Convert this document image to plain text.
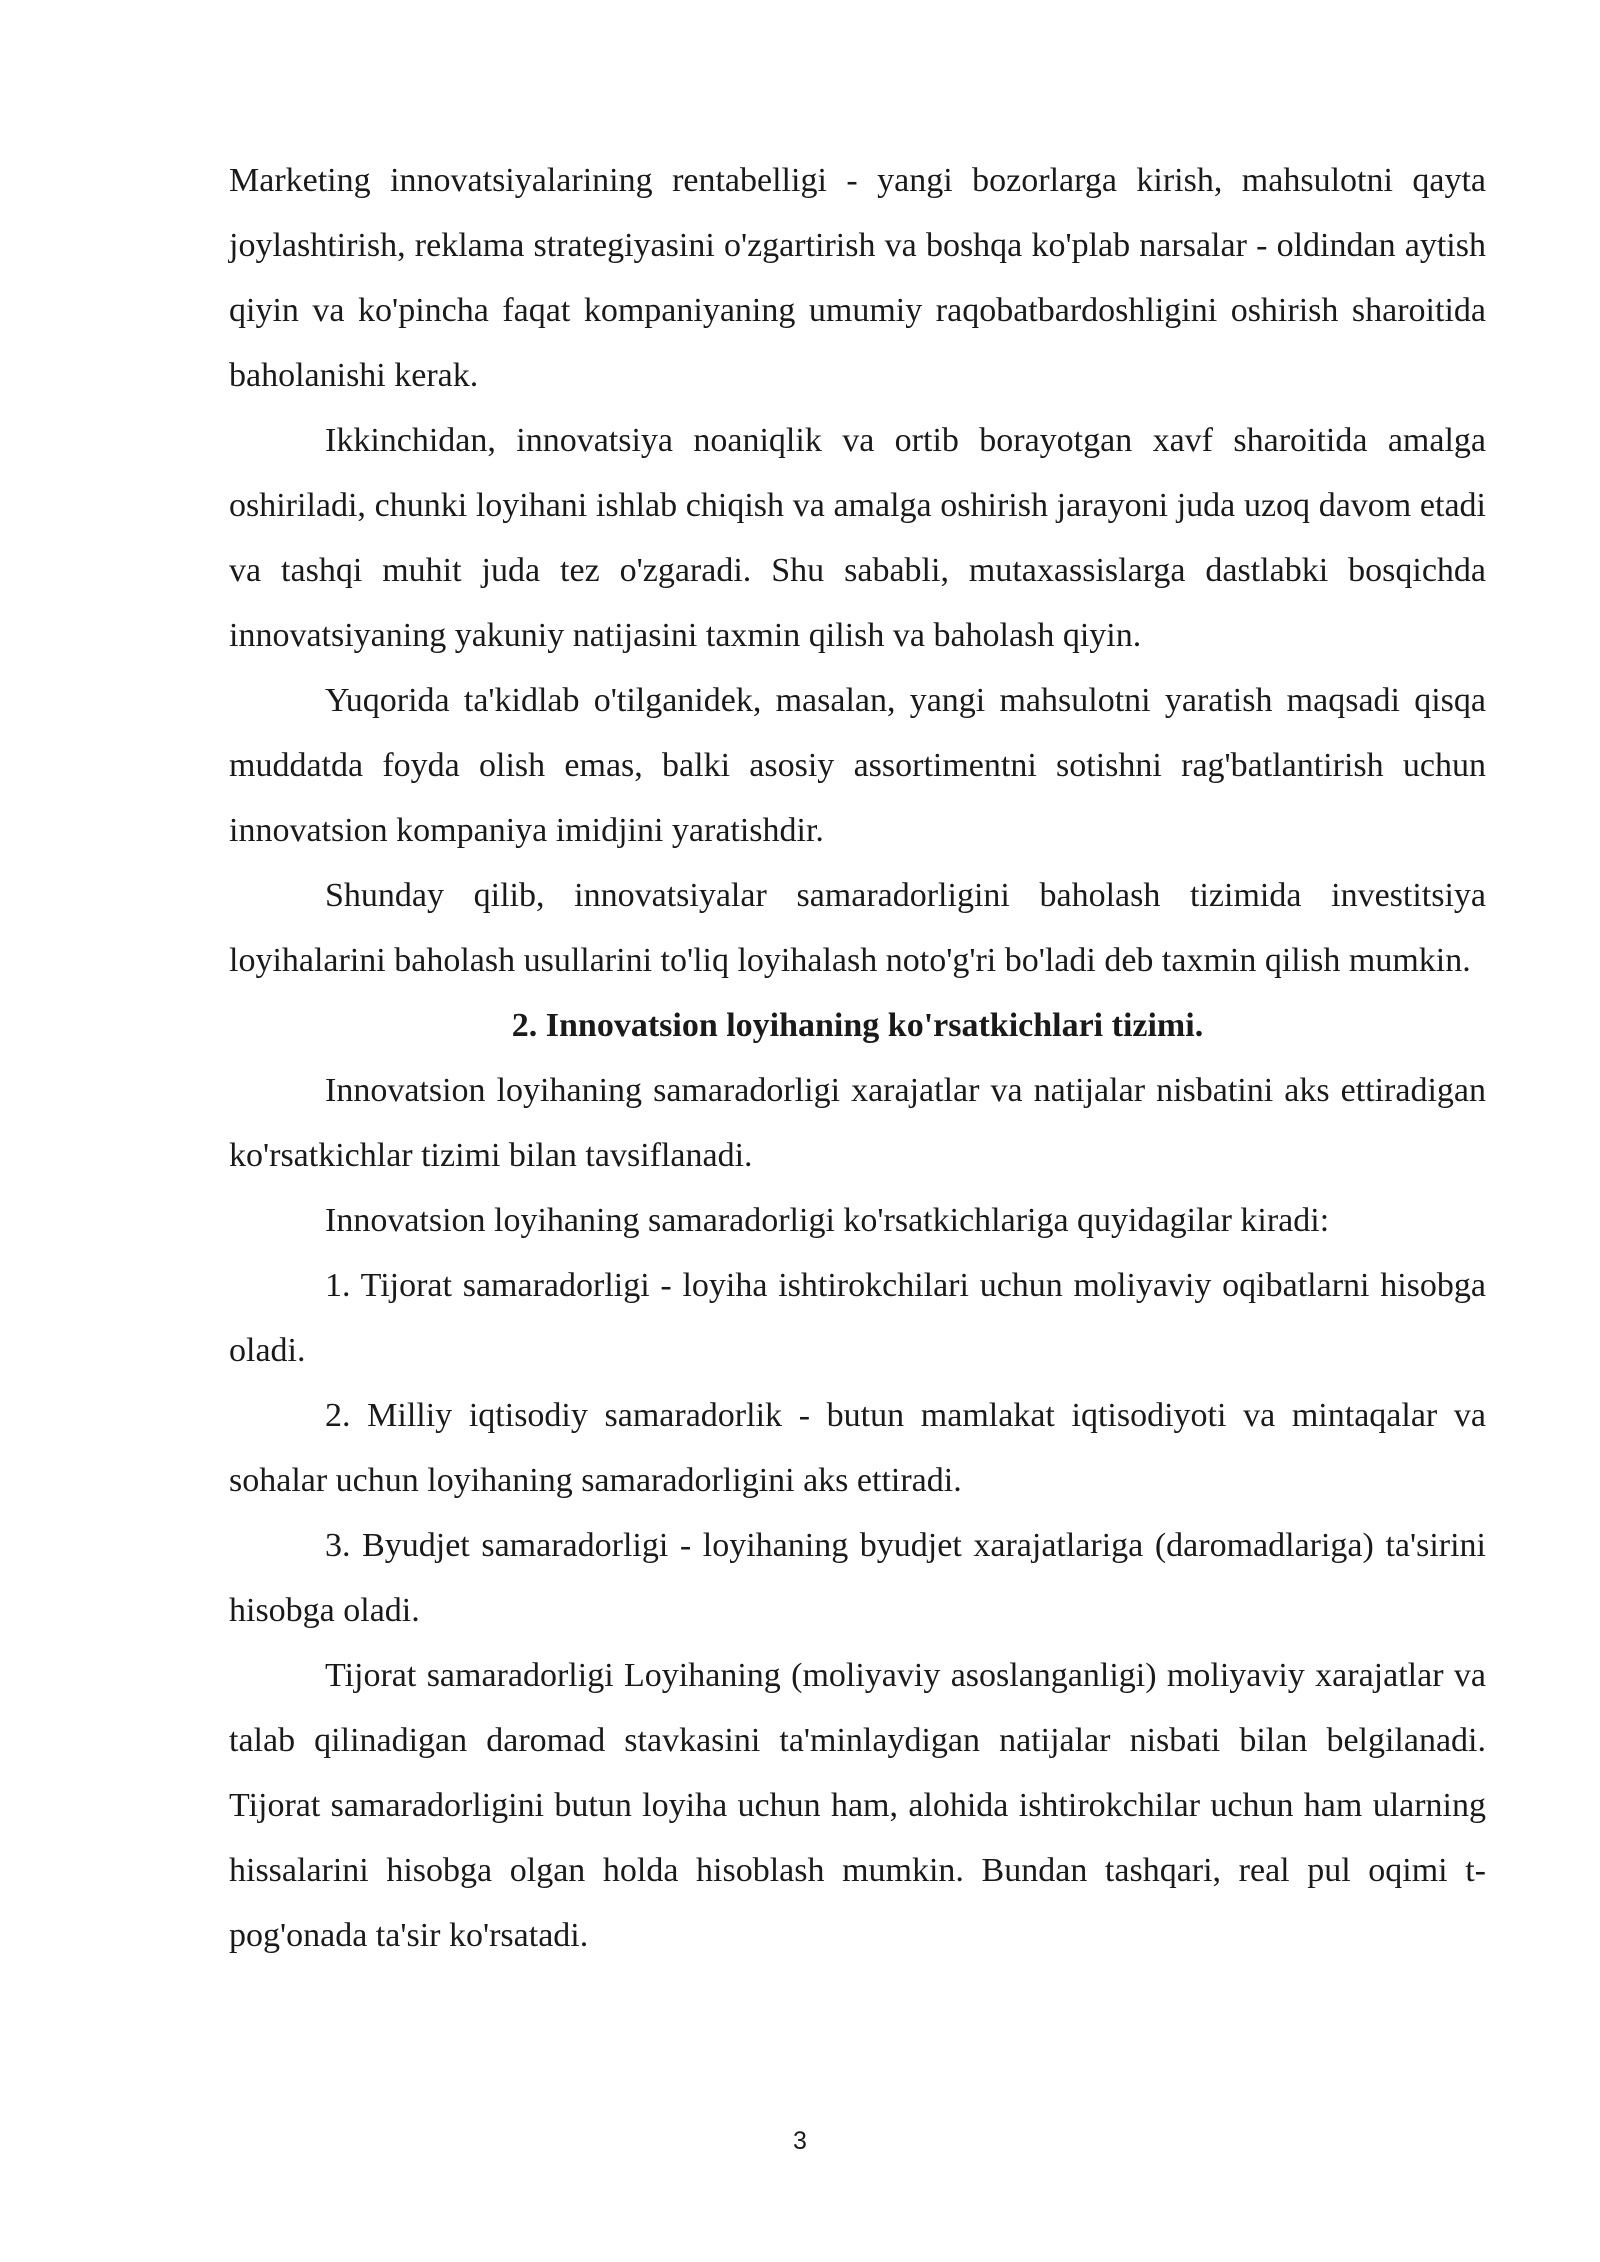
Marketing innovatsiyalarining rentabelligi - yangi bozorlarga kirish, mahsulotni qayta joylashtirish, reklama strategiyasini o'zgartirish va boshqa ko'plab narsalar - oldindan aytish qiyin va ko'pincha faqat kompaniyaning umumiy raqobatbardoshligini oshirish sharoitida baholanishi kerak.

Ikkinchidan, innovatsiya noaniqlik va ortib borayotgan xavf sharoitida amalga oshiriladi, chunki loyihani ishlab chiqish va amalga oshirish jarayoni juda uzoq davom etadi va tashqi muhit juda tez o'zgaradi. Shu sababli, mutaxassislarga dastlabki bosqichda innovatsiyaning yakuniy natijasini taxmin qilish va baholash qiyin.

Yuqorida ta'kidlab o'tilganidek, masalan, yangi mahsulotni yaratish maqsadi qisqa muddatda foyda olish emas, balki asosiy assortimentni sotishni rag'batlantirish uchun innovatsion kompaniya imidjini yaratishdir.

Shunday qilib, innovatsiyalar samaradorligini baholash tizimida investitsiya loyihalarini baholash usullarini to'liq loyihalash noto'g'ri bo'ladi deb taxmin qilish mumkin.

2. Innovatsion loyihaning ko'rsatkichlari tizimi.

Innovatsion loyihaning samaradorligi xarajatlar va natijalar nisbatini aks ettiradigan ko'rsatkichlar tizimi bilan tavsiflanadi.

Innovatsion loyihaning samaradorligi ko'rsatkichlariga quyidagilar kiradi:

1. Tijorat samaradorligi - loyiha ishtirokchilari uchun moliyaviy oqibatlarni hisobga oladi.

2. Milliy iqtisodiy samaradorlik - butun mamlakat iqtisodiyoti va mintaqalar va sohalar uchun loyihaning samaradorligini aks ettiradi.

3. Byudjet samaradorligi - loyihaning byudjet xarajatlariga (daromadlariga) ta'sirini hisobga oladi.

Tijorat samaradorligi Loyihaning (moliyaviy asoslanganligi) moliyaviy xarajatlar va talab qilinadigan daromad stavkasini ta'minlaydigan natijalar nisbati bilan belgilanadi. Tijorat samaradorligini butun loyiha uchun ham, alohida ishtirokchilar uchun ham ularning hissalarini hisobga olgan holda hisoblash mumkin. Bundan tashqari, real pul oqimi t-pog'onada ta'sir ko'rsatadi.

3
